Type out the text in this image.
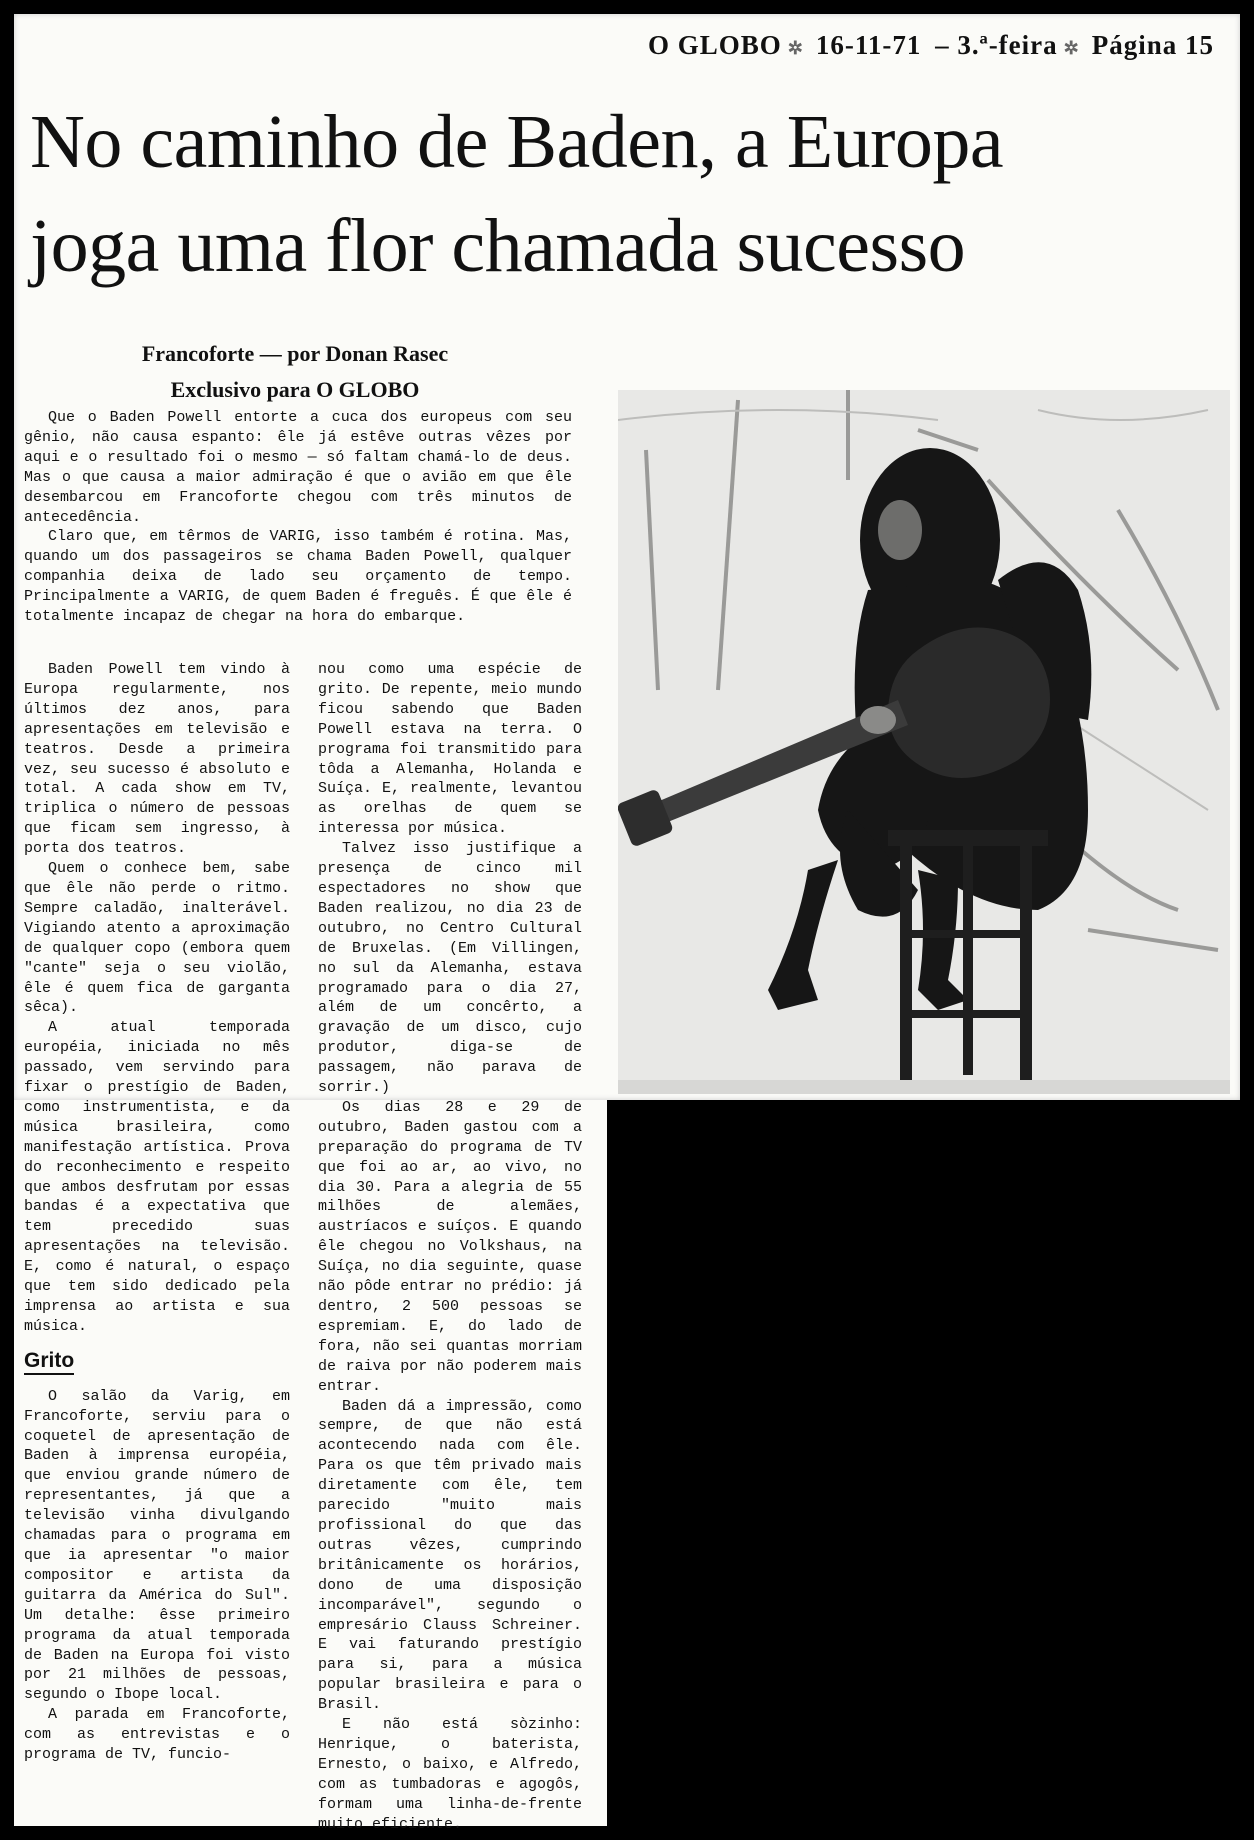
O GLOBO ✲ 16-11-71 – 3.ª-feira ✲ Página 15
No caminho de Baden, a Europa
joga uma flor chamada sucesso
Francoforte — por Donan Rasec
Exclusivo para O GLOBO

Que o Baden Powell entorte a cuca dos europeus com seu gênio, não causa espanto: êle já estêve outras vêzes por aqui e o resultado foi o mesmo — só faltam chamá-lo de deus. Mas o que causa a maior admiração é que o avião em que êle desembarcou em Francoforte chegou com três minutos de antecedência.

Claro que, em têrmos de VARIG, isso também é rotina. Mas, quando um dos passageiros se chama Baden Powell, qualquer companhia deixa de lado seu orçamento de tempo. Principalmente a VARIG, de quem Baden é freguês. É que êle é totalmente incapaz de chegar na hora do embarque.

Baden Powell tem vindo à Europa regularmente, nos últimos dez anos, para apresentações em televisão e teatros. Desde a primeira vez, seu sucesso é absoluto e total. A cada show em TV, triplica o número de pessoas que ficam sem ingresso, à porta dos teatros.

Quem o conhece bem, sabe que êle não perde o ritmo. Sempre caladão, inalterável. Vigiando atento a aproximação de qualquer copo (embora quem "cante" seja o seu violão, êle é quem fica de garganta sêca).

A atual temporada européia, iniciada no mês passado, vem servindo para fixar o prestígio de Baden, como instrumentista, e da música brasileira, como manifestação artística. Prova do reconhecimento e respeito que ambos desfrutam por essas bandas é a expectativa que tem precedido suas apresentações na televisão. E, como é natural, o espaço que tem sido dedicado pela imprensa ao artista e sua música.

Grito

O salão da Varig, em Francoforte, serviu para o coquetel de apresentação de Baden à imprensa européia, que enviou grande número de representantes, já que a televisão vinha divulgando chamadas para o programa em que ia apresentar "o maior compositor e artista da guitarra da América do Sul". Um detalhe: êsse primeiro programa da atual temporada de Baden na Europa foi visto por 21 milhões de pessoas, segundo o Ibope local.

A parada em Francoforte, com as entrevistas e o programa de TV, funcio-

nou como uma espécie de grito. De repente, meio mundo ficou sabendo que Baden Powell estava na terra. O programa foi transmitido para tôda a Alemanha, Holanda e Suíça. E, realmente, levantou as orelhas de quem se interessa por música.

Talvez isso justifique a presença de cinco mil espectadores no show que Baden realizou, no dia 23 de outubro, no Centro Cultural de Bruxelas. (Em Villingen, no sul da Alemanha, estava programado para o dia 27, além de um concêrto, a gravação de um disco, cujo produtor, diga-se de passagem, não parava de sorrir.)

Os dias 28 e 29 de outubro, Baden gastou com a preparação do programa de TV que foi ao ar, ao vivo, no dia 30. Para a alegria de 55 milhões de alemães, austríacos e suíços. E quando êle chegou no Volkshaus, na Suíça, no dia seguinte, quase não pôde entrar no prédio: já dentro, 2 500 pessoas se espremiam. E, do lado de fora, não sei quantas morriam de raiva por não poderem mais entrar.

Baden dá a impressão, como sempre, de que não está acontecendo nada com êle. Para os que têm privado mais diretamente com êle, tem parecido "muito mais profissional do que das outras vêzes, cumprindo britânicamente os horários, dono de uma disposição incomparável", segundo o empresário Clauss Schreiner. E vai faturando prestígio para si, para a música popular brasileira e para o Brasil.

E não está sòzinho: Henrique, o baterista, Ernesto, o baixo, e Alfredo, com as tumbadoras e agogôs, formam uma linha-de-frente muito eficiente.
